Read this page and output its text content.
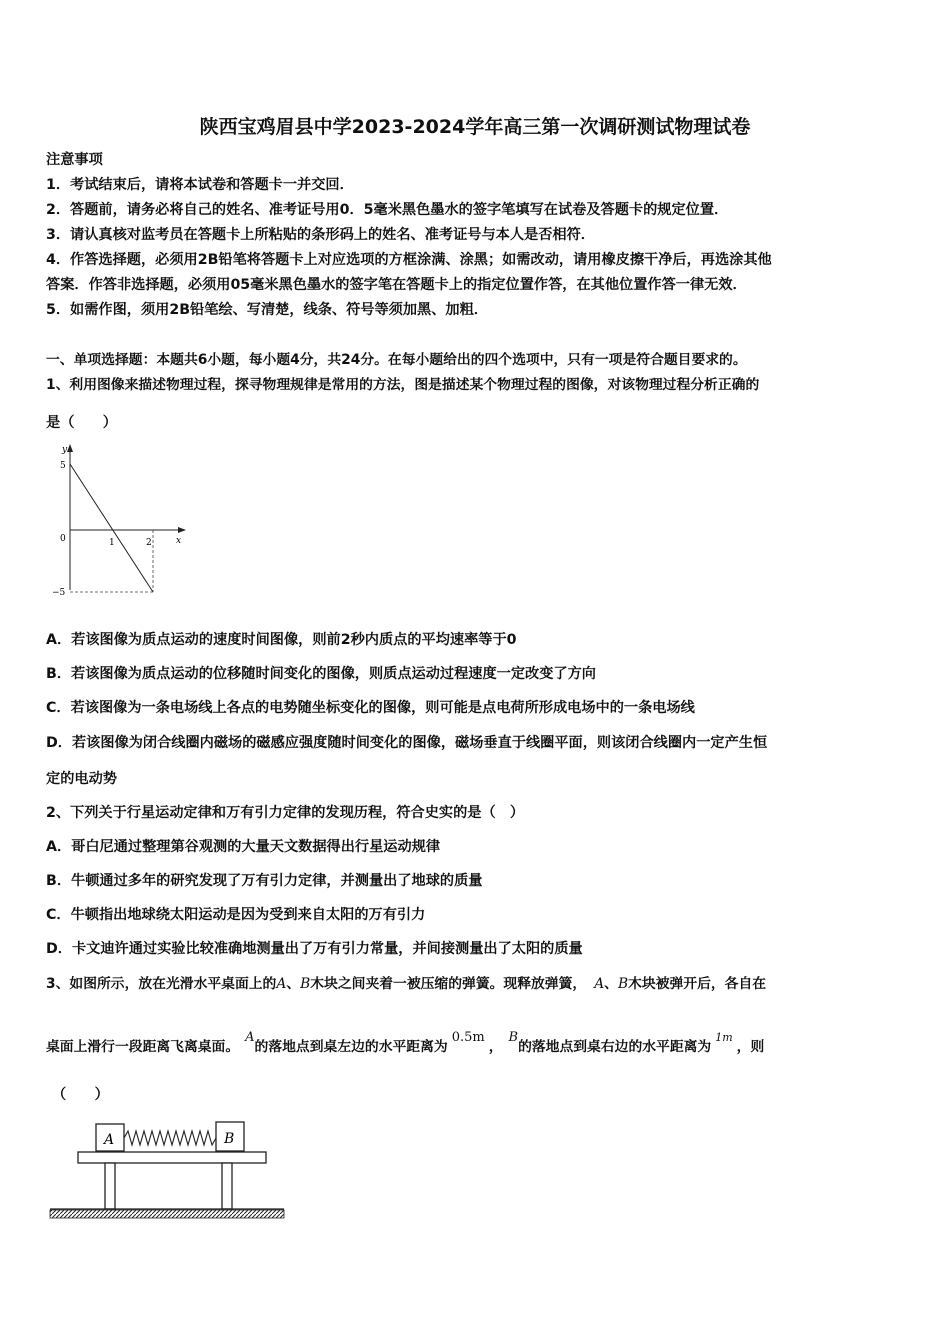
陕西宝鸡眉县中学2023-2024学年高三第一次调研测试物理试卷
注意事项
1．考试结束后，请将本试卷和答题卡一并交回．
2．答题前，请务必将自己的姓名、准考证号用0．5毫米黑色墨水的签字笔填写在试卷及答题卡的规定位置．
3．请认真核对监考员在答题卡上所粘贴的条形码上的姓名、准考证号与本人是否相符．
4．作答选择题，必须用2B铅笔将答题卡上对应选项的方框涂满、涂黑；如需改动，请用橡皮擦干净后，再选涂其他
答案．作答非选择题，必须用05毫米黑色墨水的签字笔在答题卡上的指定位置作答，在其他位置作答一律无效．
5．如需作图，须用2B铅笔绘、写清楚，线条、符号等须加黑、加粗．
一、单项选择题：本题共6小题，每小题4分，共24分。在每小题给出的四个选项中，只有一项是符合题目要求的。
1、利用图像来描述物理过程，探寻物理规律是常用的方法，图是描述某个物理过程的图像，对该物理过程分析正确的
是（　　）
y
x
5
0
−5
1	2
A．若该图像为质点运动的速度时间图像，则前2秒内质点的平均速率等于0
B．若该图像为质点运动的位移随时间变化的图像，则质点运动过程速度一定改变了方向
C．若该图像为一条电场线上各点的电势随坐标变化的图像，则可能是点电荷所形成电场中的一条电场线
D．若该图像为闭合线圈内磁场的磁感应强度随时间变化的图像，磁场垂直于线圈平面，则该闭合线圈内一定产生恒
定的电动势
2、下列关于行星运动定律和万有引力定律的发现历程，符合史实的是（　）
A．哥白尼通过整理第谷观测的大量天文数据得出行星运动规律
B．牛顿通过多年的研究发现了万有引力定律，并测量出了地球的质量
C．牛顿指出地球绕太阳运动是因为受到来自太阳的万有引力
D．卡文迪许通过实验比较准确地测量出了万有引力常量，并间接测量出了太阳的质量
3、如图所示，放在光滑水平桌面上的A、B木块之间夹着一被压缩的弹簧。现释放弹簧， A、B木块被弹开后，各自在
桌面上滑行一段距离飞离桌面。A的落地点到桌左边的水平距离为0.5m，B的落地点到桌右边的水平距离为$^{1m}$，则
（　　）
A	B
